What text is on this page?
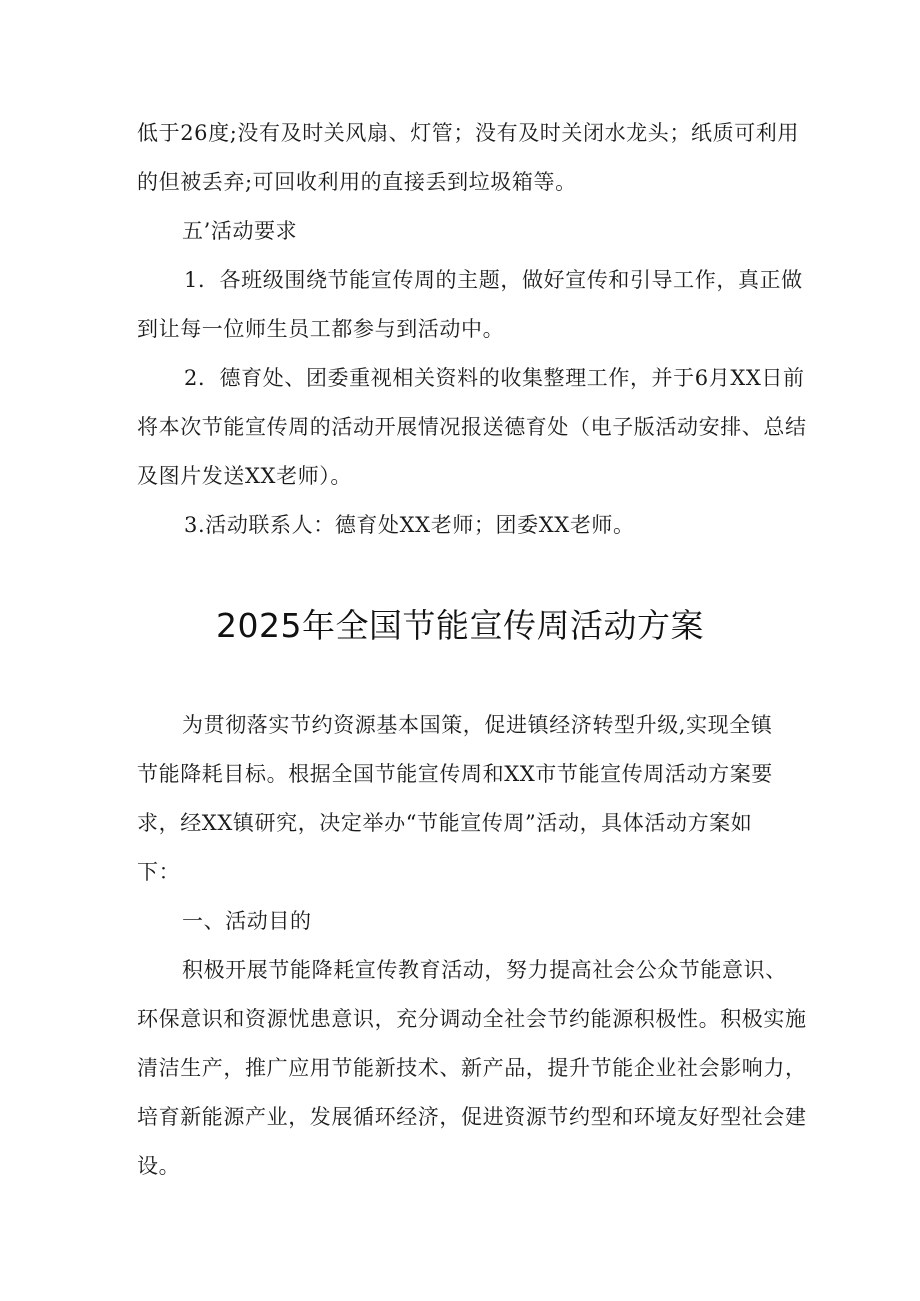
低于26度;没有及时关风扇、灯管；没有及时关闭水龙头；纸质可利用
的但被丢弃;可回收利用的直接丢到垃圾箱等。
五’活动要求
1．各班级围绕节能宣传周的主题，做好宣传和引导工作，真正做
到让每一位师生员工都参与到活动中。
2．德育处、团委重视相关资料的收集整理工作，并于6月XX日前
将本次节能宣传周的活动开展情况报送德育处（电子版活动安排、总结
及图片发送XX老师）。
3.活动联系人：德育处XX老师；团委XX老师。
2025年全国节能宣传周活动方案
为贯彻落实节约资源基本国策，促进镇经济转型升级,实现全镇
节能降耗目标。根据全国节能宣传周和XX市节能宣传周活动方案要
求，经XX镇研究，决定举办“节能宣传周”活动，具体活动方案如
下：
一、活动目的
积极开展节能降耗宣传教育活动，努力提高社会公众节能意识、
环保意识和资源忧患意识，充分调动全社会节约能源积极性。积极实施
清洁生产，推广应用节能新技术、新产品，提升节能企业社会影响力，
培育新能源产业，发展循环经济，促进资源节约型和环境友好型社会建
设。
